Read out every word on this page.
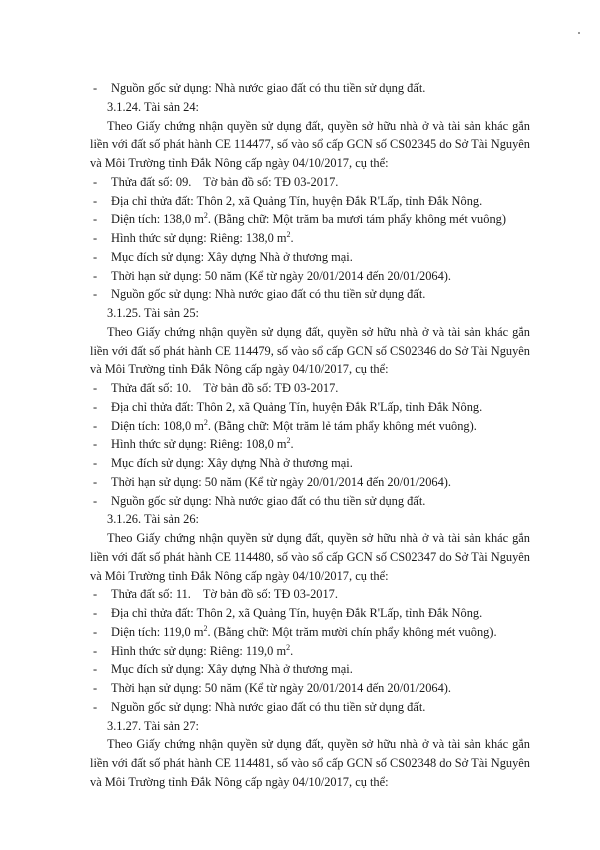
- Nguồn gốc sử dụng: Nhà nước giao đất có thu tiền sử dụng đất.
3.1.24. Tài sản 24:
Theo Giấy chứng nhận quyền sử dụng đất, quyền sở hữu nhà ở và tài sản khác gắn
liền với đất số phát hành CE 114477, số vào sổ cấp GCN số CS02345 do Sở Tài Nguyên
và Môi Trường tỉnh Đắk Nông cấp ngày 04/10/2017, cụ thể:
- Thửa đất số: 09. Tờ bản đồ số: TĐ 03-2017.
- Địa chỉ thửa đất: Thôn 2, xã Quảng Tín, huyện Đắk R'Lấp, tỉnh Đắk Nông.
- Diện tích: 138,0 $m^2$. (Bằng chữ: Một trăm ba mươi tám phẩy không mét vuông)
- Hình thức sử dụng: Riêng: 138,0 $m^2$.
- Mục đích sử dụng: Xây dựng Nhà ở thương mại.
- Thời hạn sử dụng: 50 năm (Kể từ ngày 20/01/2014 đến 20/01/2064).
- Nguồn gốc sử dụng: Nhà nước giao đất có thu tiền sử dụng đất.
3.1.25. Tài sản 25:
Theo Giấy chứng nhận quyền sử dụng đất, quyền sở hữu nhà ở và tài sản khác gắn
liền với đất số phát hành CE 114479, số vào sổ cấp GCN số CS02346 do Sở Tài Nguyên
và Môi Trường tỉnh Đắk Nông cấp ngày 04/10/2017, cụ thể:
- Thửa đất số: 10. Tờ bản đồ số: TĐ 03-2017.
- Địa chỉ thửa đất: Thôn 2, xã Quảng Tín, huyện Đắk R'Lấp, tỉnh Đắk Nông.
- Diện tích: 108,0 $m^2$. (Bằng chữ: Một trăm lẻ tám phẩy không mét vuông).
- Hình thức sử dụng: Riêng: 108,0 $m^2$.
- Mục đích sử dụng: Xây dựng Nhà ở thương mại.
- Thời hạn sử dụng: 50 năm (Kể từ ngày 20/01/2014 đến 20/01/2064).
- Nguồn gốc sử dụng: Nhà nước giao đất có thu tiền sử dụng đất.
3.1.26. Tài sản 26:
Theo Giấy chứng nhận quyền sử dụng đất, quyền sở hữu nhà ở và tài sản khác gắn
liền với đất số phát hành CE 114480, số vào sổ cấp GCN số CS02347 do Sở Tài Nguyên
và Môi Trường tỉnh Đắk Nông cấp ngày 04/10/2017, cụ thể:
- Thửa đất số: 11. Tờ bản đồ số: TĐ 03-2017.
- Địa chỉ thửa đất: Thôn 2, xã Quảng Tín, huyện Đắk R'Lấp, tỉnh Đắk Nông.
- Diện tích: 119,0 $m^2$. (Bằng chữ: Một trăm mười chín phẩy không mét vuông).
- Hình thức sử dụng: Riêng: 119,0 $m^2$.
- Mục đích sử dụng: Xây dựng Nhà ở thương mại.
- Thời hạn sử dụng: 50 năm (Kể từ ngày 20/01/2014 đến 20/01/2064).
- Nguồn gốc sử dụng: Nhà nước giao đất có thu tiền sử dụng đất.
3.1.27. Tài sản 27:
Theo Giấy chứng nhận quyền sử dụng đất, quyền sở hữu nhà ở và tài sản khác gắn
liền với đất số phát hành CE 114481, số vào sổ cấp GCN số CS02348 do Sở Tài Nguyên
và Môi Trường tỉnh Đắk Nông cấp ngày 04/10/2017, cụ thể:
